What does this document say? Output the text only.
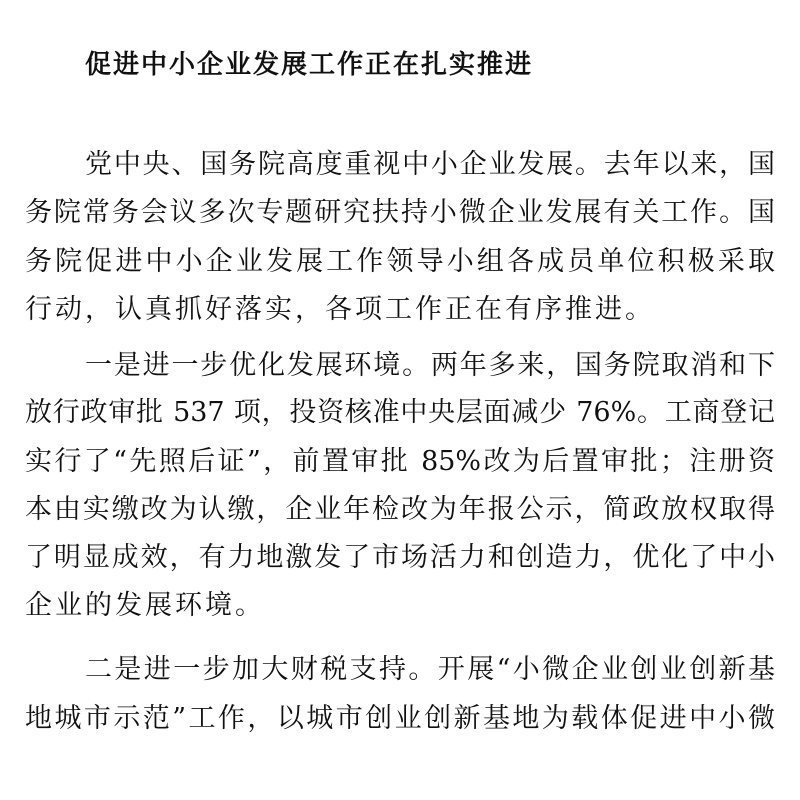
促进中小企业发展工作正在扎实推进
党中央、国务院高度重视中小企业发展。去年以来，国
务院常务会议多次专题研究扶持小微企业发展有关工作。国
务院促进中小企业发展工作领导小组各成员单位积极采取
行动，认真抓好落实，各项工作正在有序推进。
一是进一步优化发展环境。两年多来，国务院取消和下
放行政审批 537 项，投资核准中央层面减少 76%。工商登记
实行了“先照后证”，前置审批 85%改为后置审批；注册资
本由实缴改为认缴，企业年检改为年报公示，简政放权取得
了明显成效，有力地激发了市场活力和创造力，优化了中小
企业的发展环境。
二是进一步加大财税支持。开展“小微企业创业创新基
地城市示范”工作，以城市创业创新基地为载体促进中小微
